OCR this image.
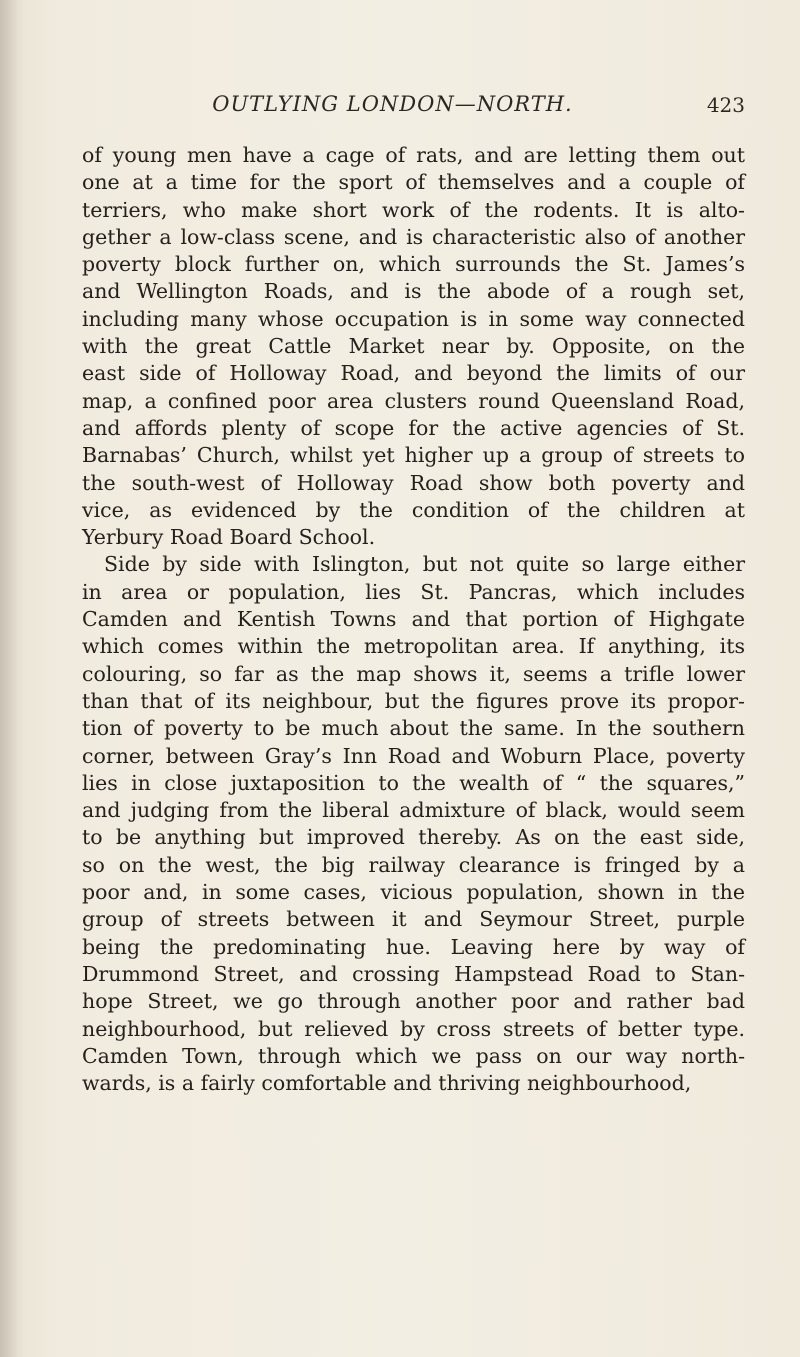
OUTLYING LONDON—NORTH.	423
of young men have a cage of rats, and are letting them out
one at a time for the sport of themselves and a couple of
terriers, who make short work of the rodents. It is alto-
gether a low-class scene, and is characteristic also of another
poverty block further on, which surrounds the St. James’s
and Wellington Roads, and is the abode of a rough set,
including many whose occupation is in some way connected
with the great Cattle Market near by. Opposite, on the
east side of Holloway Road, and beyond the limits of our
map, a confined poor area clusters round Queensland Road,
and affords plenty of scope for the active agencies of St.
Barnabas’ Church, whilst yet higher up a group of streets to
the south-west of Holloway Road show both poverty and
vice, as evidenced by the condition of the children at
Yerbury Road Board School.
Side by side with Islington, but not quite so large either
in area or population, lies St. Pancras, which includes
Camden and Kentish Towns and that portion of Highgate
which comes within the metropolitan area. If anything, its
colouring, so far as the map shows it, seems a trifle lower
than that of its neighbour, but the figures prove its propor-
tion of poverty to be much about the same. In the southern
corner, between Gray’s Inn Road and Woburn Place, poverty
lies in close juxtaposition to the wealth of “ the squares,”
and judging from the liberal admixture of black, would seem
to be anything but improved thereby. As on the east side,
so on the west, the big railway clearance is fringed by a
poor and, in some cases, vicious population, shown in the
group of streets between it and Seymour Street, purple
being the predominating hue. Leaving here by way of
Drummond Street, and crossing Hampstead Road to Stan-
hope Street, we go through another poor and rather bad
neighbourhood, but relieved by cross streets of better type.
Camden Town, through which we pass on our way north-
wards, is a fairly comfortable and thriving neighbourhood,
